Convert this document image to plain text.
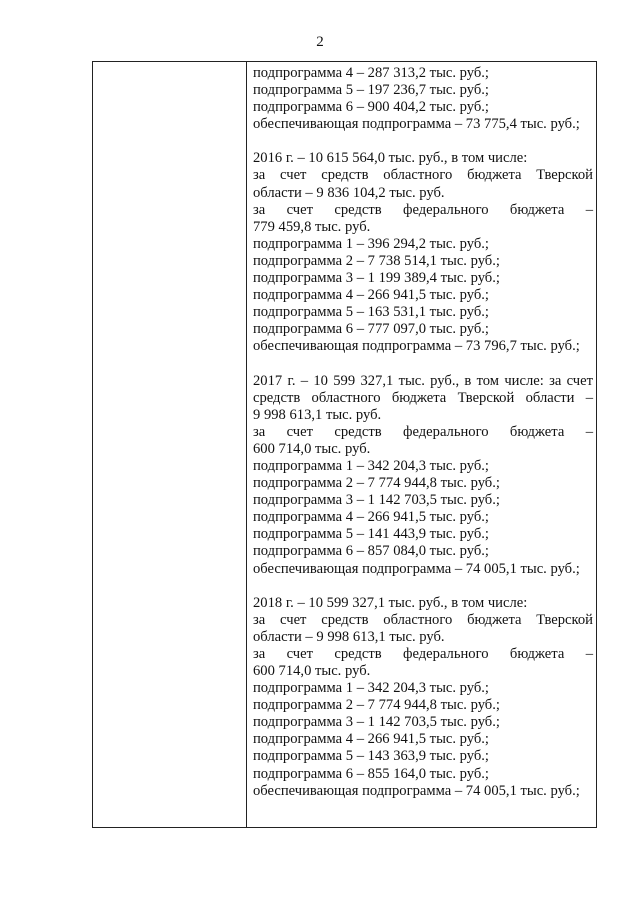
2
подпрограмма 4 – 287 313,2 тыс. руб.;
подпрограмма 5 – 197 236,7 тыс. руб.;
подпрограмма 6 – 900 404,2 тыс. руб.;
обеспечивающая подпрограмма – 73 775,4 тыс. руб.;
2016 г. – 10 615 564,0 тыс. руб., в том числе:
за счет средств областного бюджета Тверской
области – 9 836 104,2 тыс. руб.
за счет средств федерального бюджета –
779 459,8 тыс. руб.
подпрограмма 1 – 396 294,2 тыс. руб.;
подпрограмма 2 – 7 738 514,1 тыс. руб.;
подпрограмма 3 – 1 199 389,4 тыс. руб.;
подпрограмма 4 – 266 941,5 тыс. руб.;
подпрограмма 5 – 163 531,1 тыс. руб.;
подпрограмма 6 – 777 097,0 тыс. руб.;
обеспечивающая подпрограмма – 73 796,7 тыс. руб.;
2017 г. – 10 599 327,1 тыс. руб., в том числе: за счет
средств областного бюджета Тверской области –
9 998 613,1 тыс. руб.
за счет средств федерального бюджета –
600 714,0 тыс. руб.
подпрограмма 1 – 342 204,3 тыс. руб.;
подпрограмма 2 – 7 774 944,8 тыс. руб.;
подпрограмма 3 – 1 142 703,5 тыс. руб.;
подпрограмма 4 – 266 941,5 тыс. руб.;
подпрограмма 5 – 141 443,9 тыс. руб.;
подпрограмма 6 – 857 084,0 тыс. руб.;
обеспечивающая подпрограмма – 74 005,1 тыс. руб.;
2018 г. – 10 599 327,1 тыс. руб., в том числе:
за счет средств областного бюджета Тверской
области – 9 998 613,1 тыс. руб.
за счет средств федерального бюджета –
600 714,0 тыс. руб.
подпрограмма 1 – 342 204,3 тыс. руб.;
подпрограмма 2 – 7 774 944,8 тыс. руб.;
подпрограмма 3 – 1 142 703,5 тыс. руб.;
подпрограмма 4 – 266 941,5 тыс. руб.;
подпрограмма 5 – 143 363,9 тыс. руб.;
подпрограмма 6 – 855 164,0 тыс. руб.;
обеспечивающая подпрограмма – 74 005,1 тыс. руб.;
